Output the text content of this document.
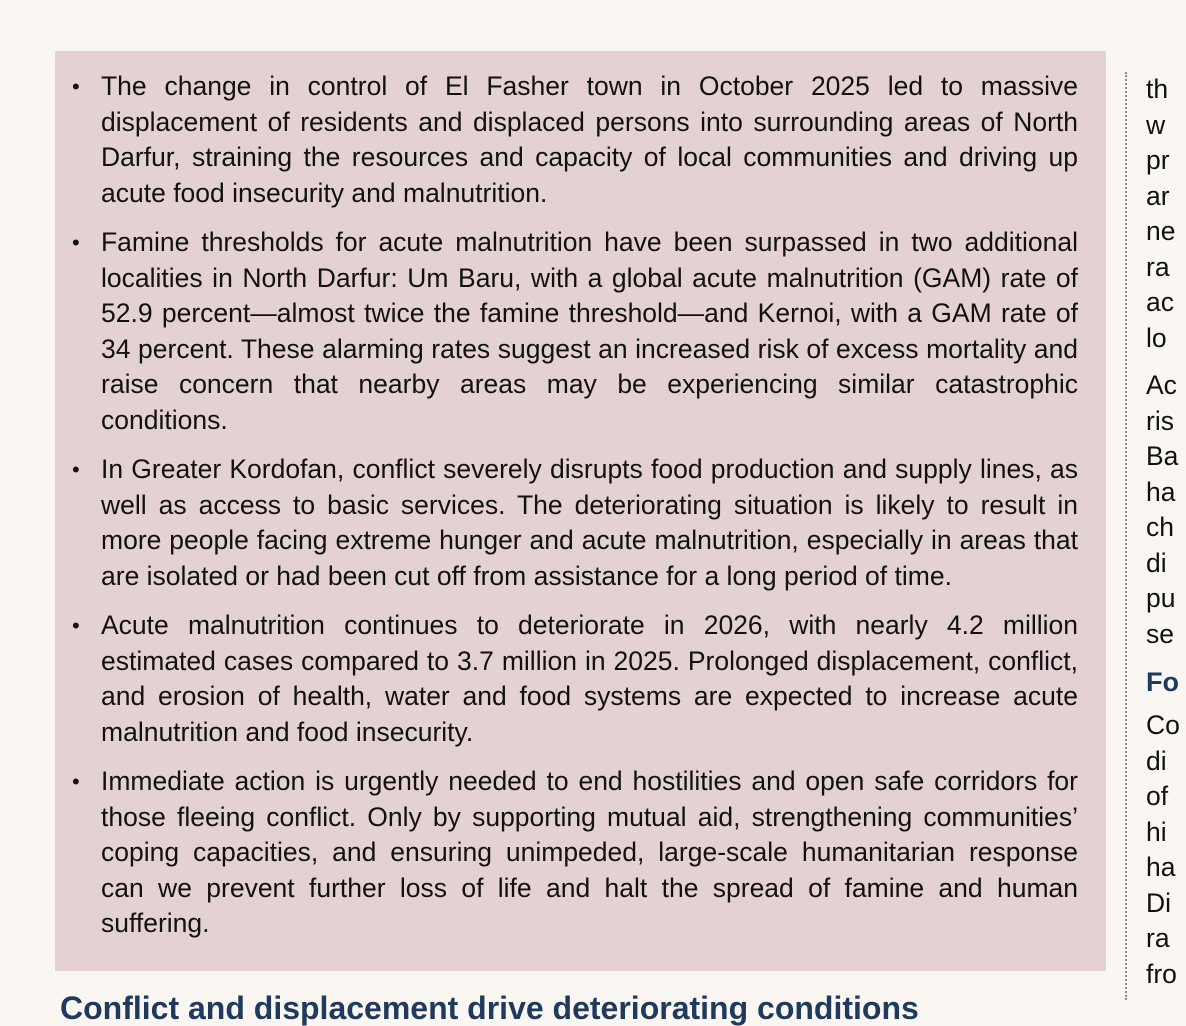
• The change in control of El Fasher town in October 2025 led to massive displacement of residents and displaced persons into surrounding areas of North Darfur, straining the resources and capacity of local communities and driving up acute food insecurity and malnutrition.
• Famine thresholds for acute malnutrition have been surpassed in two additional localities in North Darfur: Um Baru, with a global acute malnutrition (GAM) rate of 52.9 percent—almost twice the famine threshold—and Kernoi, with a GAM rate of 34 percent. These alarming rates suggest an increased risk of excess mortality and raise concern that nearby areas may be experiencing similar catastrophic conditions.
• In Greater Kordofan, conflict severely disrupts food production and supply lines, as well as access to basic services. The deteriorating situation is likely to result in more people facing extreme hunger and acute malnutrition, especially in areas that are isolated or had been cut off from assistance for a long period of time.
• Acute malnutrition continues to deteriorate in 2026, with nearly 4.2 million estimated cases compared to 3.7 million in 2025. Prolonged displacement, conflict, and erosion of health, water and food systems are expected to increase acute malnutrition and food insecurity.
• Immediate action is urgently needed to end hostilities and open safe corridors for those fleeing conflict. Only by supporting mutual aid, strengthening communities’ coping capacities, and ensuring unimpeded, large-scale humanitarian response can we prevent further loss of life and halt the spread of famine and human suffering.
th
w
pr
ar
ne
ra
ac
lo
Ac
ris
Ba
ha
ch
di
pu
se
Fo
Co
di
of
hi
ha
Di
ra
fro
Conflict and displacement drive deteriorating conditions
